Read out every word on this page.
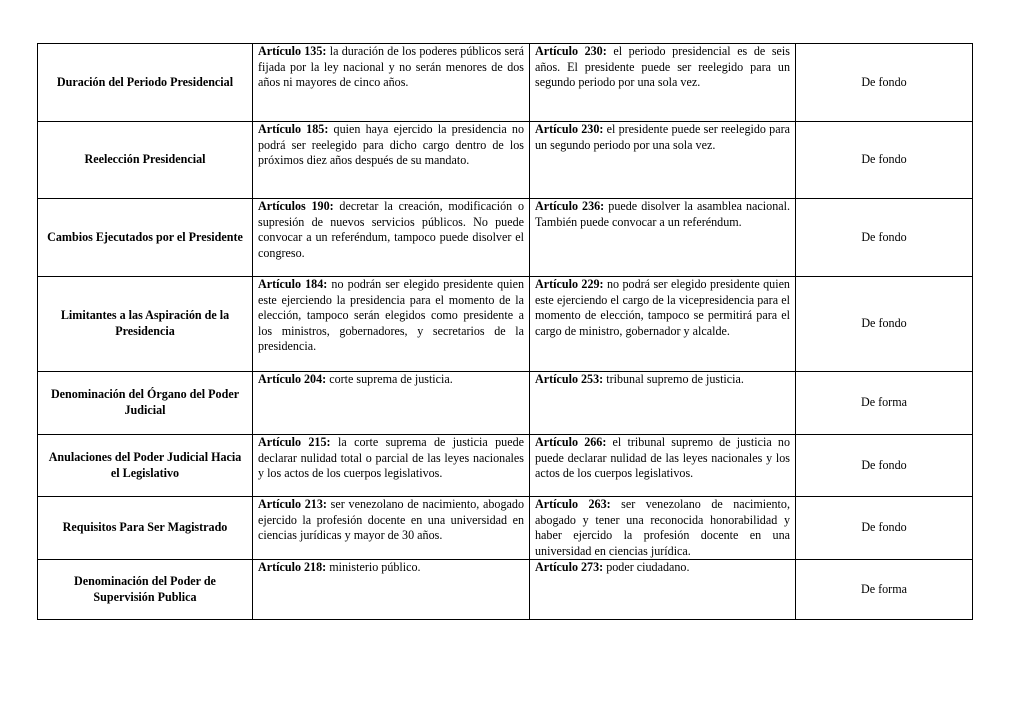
Duración del Periodo Presidencial	Artículo 135: la duración de los poderes públicos será fijada por la ley nacional y no serán menores de dos años ni mayores de cinco años.	Artículo 230: el periodo presidencial es de seis años. El presidente puede ser reelegido para un segundo periodo por una sola vez.	De fondo
Reelección Presidencial	Artículo 185: quien haya ejercido la presidencia no podrá ser reelegido para dicho cargo dentro de los próximos diez años después de su mandato.	Artículo 230: el presidente puede ser reelegido para un segundo periodo por una sola vez.	De fondo
Cambios Ejecutados por el Presidente	Artículos 190: decretar la creación, modificación o supresión de nuevos servicios públicos. No puede convocar a un referéndum, tampoco puede disolver el congreso.	Artículo 236: puede disolver la asamblea nacional. También puede convocar a un referéndum.	De fondo
Limitantes a las Aspiración de la Presidencia	Artículo 184: no podrán ser elegido presidente quien este ejerciendo la presidencia para el momento de la elección, tampoco serán elegidos como presidente a los ministros, gobernadores, y secretarios de la presidencia.	Artículo 229: no podrá ser elegido presidente quien este ejerciendo el cargo de la vicepresidencia para el momento de elección, tampoco se permitirá para el cargo de ministro, gobernador y alcalde.	De fondo
Denominación del Órgano del Poder Judicial	Artículo 204: corte suprema de justicia.	Artículo 253: tribunal supremo de justicia.	De forma
Anulaciones del Poder Judicial Hacia el Legislativo	Artículo 215: la corte suprema de justicia puede declarar nulidad total o parcial de las leyes nacionales y los actos de los cuerpos legislativos.	Artículo 266: el tribunal supremo de justicia no puede declarar nulidad de las leyes nacionales y los actos de los cuerpos legislativos.	De fondo
Requisitos Para Ser Magistrado	Artículo 213: ser venezolano de nacimiento, abogado ejercido la profesión docente en una universidad en ciencias jurídicas y mayor de 30 años.	Artículo 263: ser venezolano de nacimiento, abogado y tener una reconocida honorabilidad y haber ejercido la profesión docente en una universidad en ciencias jurídica.	De fondo
Denominación del Poder de Supervisión Publica	Artículo 218: ministerio público.	Artículo 273: poder ciudadano.	De forma
